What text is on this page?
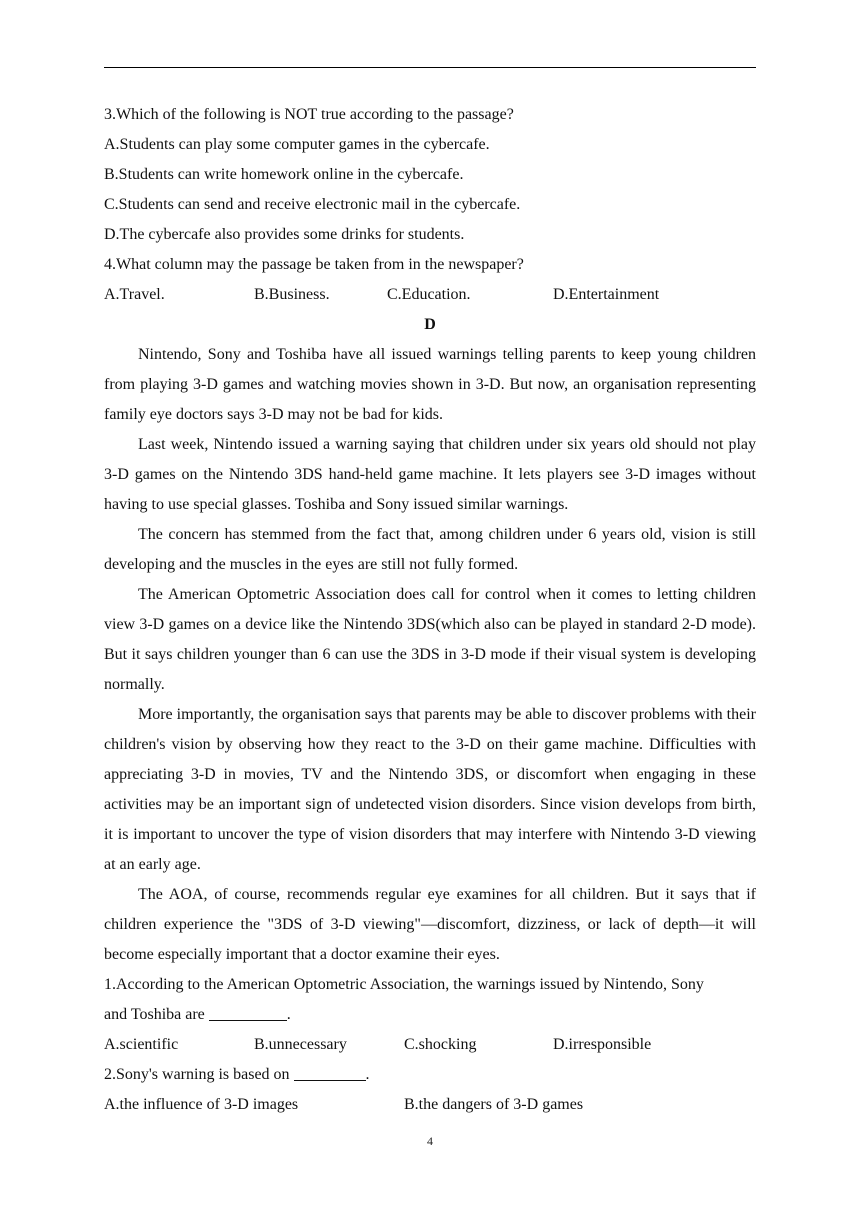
3.Which of the following is NOT true according to the passage?
A.Students can play some computer games in the cybercafe.
B.Students can write homework online in the cybercafe.
C.Students can send and receive electronic mail in the cybercafe.
D.The cybercafe also provides some drinks for students.
4.What column may the passage be taken from in the newspaper?
A.Travel.	B.Business.	C.Education.	D.Entertainment
D

Nintendo, Sony and Toshiba have all issued warnings telling parents to keep young children from playing 3-D games and watching movies shown in 3-D. But now, an organisation representing family eye doctors says 3-D may not be bad for kids.

Last week, Nintendo issued a warning saying that children under six years old should not play 3-D games on the Nintendo 3DS hand-held game machine. It lets players see 3-D images without having to use special glasses. Toshiba and Sony issued similar warnings.

The concern has stemmed from the fact that, among children under 6 years old, vision is still developing and the muscles in the eyes are still not fully formed.

The American Optometric Association does call for control when it comes to letting children view 3-D games on a device like the Nintendo 3DS(which also can be played in standard 2-D mode). But it says children younger than 6 can use the 3DS in 3-D mode if their visual system is developing normally.

More importantly, the organisation says that parents may be able to discover problems with their children's vision by observing how they react to the 3-D on their game machine. Difficulties with appreciating 3-D in movies, TV and the Nintendo 3DS, or discomfort when engaging in these activities may be an important sign of undetected vision disorders. Since vision develops from birth, it is important to uncover the type of vision disorders that may interfere with Nintendo 3-D viewing at an early age.

The AOA, of course, recommends regular eye examines for all children. But it says that if children experience the "3DS of 3-D viewing"—discomfort, dizziness, or lack of depth—it will become especially important that a doctor examine their eyes.

1.According to the American Optometric Association, the warnings issued by Nintendo, Sony
and Toshiba are	.
A.scientific	B.unnecessary	C.shocking	D.irresponsible
2.Sony's warning is based on	.
A.the influence of 3-D images	B.the dangers of 3-D games
4
